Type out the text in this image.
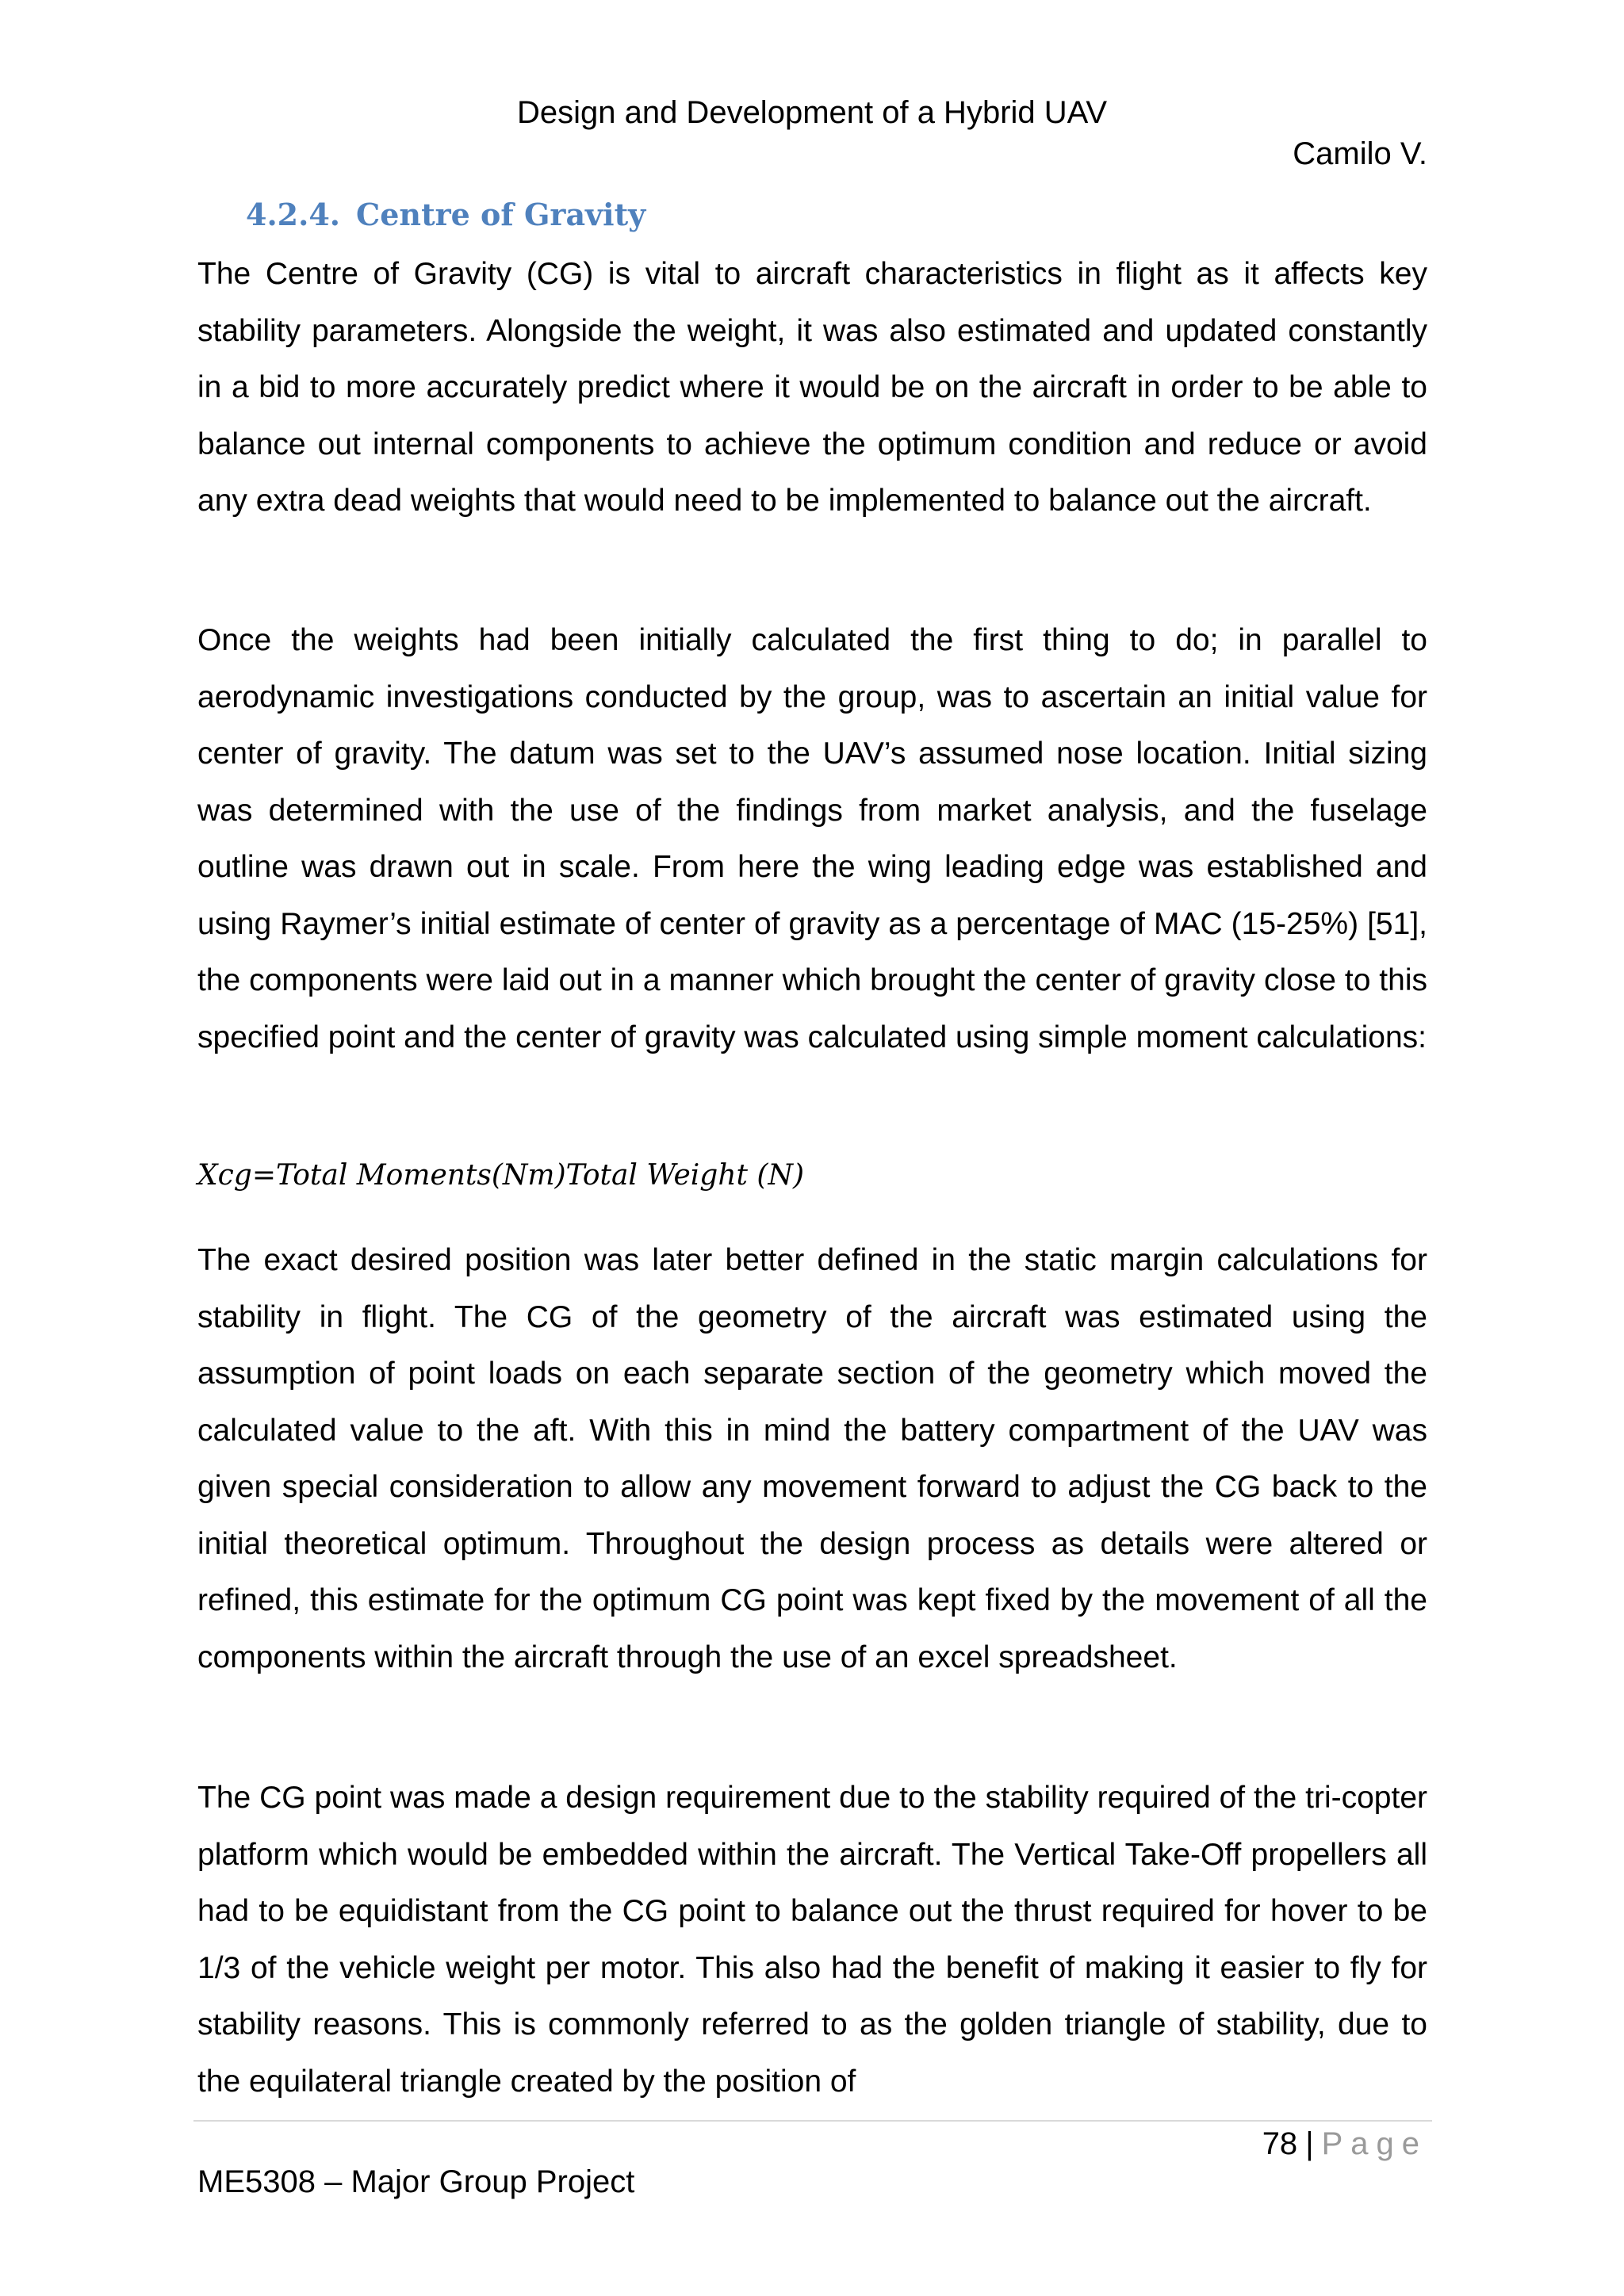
Design and Development of a Hybrid UAV
Camilo V.
4.2.4. Centre of Gravity

The Centre of Gravity (CG) is vital to aircraft characteristics in flight as it affects key stability parameters. Alongside the weight, it was also estimated and updated constantly in a bid to more accurately predict where it would be on the aircraft in order to be able to balance out internal components to achieve the optimum condition and reduce or avoid any extra dead weights that would need to be implemented to balance out the aircraft.

Once the weights had been initially calculated the first thing to do; in parallel to aerodynamic investigations conducted by the group, was to ascertain an initial value for center of gravity. The datum was set to the UAV’s assumed nose location. Initial sizing was determined with the use of the findings from market analysis, and the fuselage outline was drawn out in scale. From here the wing leading edge was established and using Raymer’s initial estimate of center of gravity as a percentage of MAC (15-25%) [51], the components were laid out in a manner which brought the center of gravity close to this specified point and the center of gravity was calculated using simple moment calculations:

Xcg=Total Moments(Nm)Total Weight (N)

The exact desired position was later better defined in the static margin calculations for stability in flight. The CG of the geometry of the aircraft was estimated using the assumption of point loads on each separate section of the geometry which moved the calculated value to the aft. With this in mind the battery compartment of the UAV was given special consideration to allow any movement forward to adjust the CG back to the initial theoretical optimum. Throughout the design process as details were altered or refined, this estimate for the optimum CG point was kept fixed by the movement of all the components within the aircraft through the use of an excel spreadsheet.

The CG point was made a design requirement due to the stability required of the tri-copter platform which would be embedded within the aircraft. The Vertical Take-Off propellers all had to be equidistant from the CG point to balance out the thrust required for hover to be 1/3 of the vehicle weight per motor. This also had the benefit of making it easier to fly for stability reasons. This is commonly referred to as the golden triangle of stability, due to the equilateral triangle created by the position of

78 | Page
ME5308 – Major Group Project
